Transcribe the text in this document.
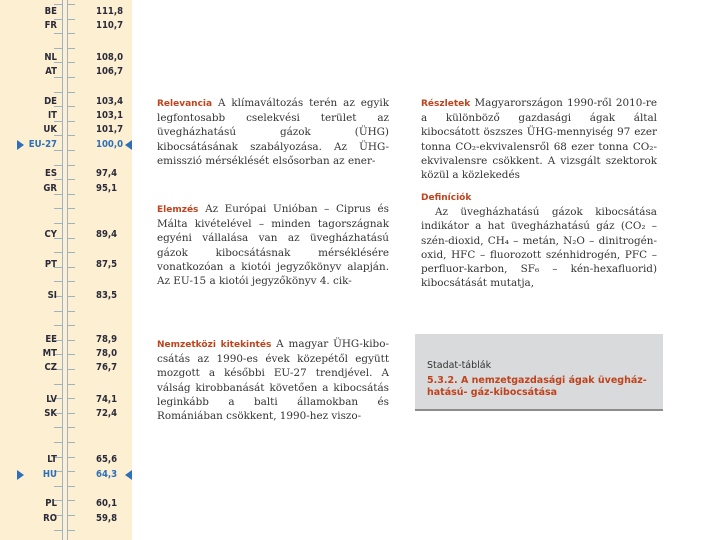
BE	111,8
FR	110,7
NL	108,0
AT	106,7
DE	103,4
IT	103,1
UK	101,7
EU-27	100,0
ES	97,4
GR	95,1
CY	89,4
PT	87,5
SI	83,5
EE	78,9
MT	78,0
CZ	76,7
LV	74,1
SK	72,4
LT	65,6
HU	64,3
PL	60,1
RO	59,8
Relevancia A klímaváltozás terén az egyik legfontosabb cselekvési terület az üvegházhatású gázok (ÜHG) kibocsátásának szabályozása. Az ÜHG-emisszió mérséklését elsősorban az ener-
Elemzés Az Európai Unióban – Ciprus és Málta kivételével – minden tagországnak egyéni vállalása van az üvegházhatású gázok kibocsátásnak mérséklésére vonatkozóan a kiotói jegyzőkönyv alapján. Az EU-15 a kiotói jegyzőkönyv 4. cik-
Nemzetközi kitekintés A magyar ÜHG-kibocsátás az 1990-es évek közepétől együtt mozgott a későbbi EU-27 trendjével. A válság kirobbanását követően a kibocsátás leginkább a balti államokban és Romániában csökkent, 1990-hez viszo-
Részletek Magyarországon 1990-ről 2010-re a különböző gazdasági ágak által kibocsátott öszszes ÜHG-mennyiség 97 ezer tonna CO₂-ekvivalensről 68 ezer tonna CO₂-ekvivalensre csökkent. A vizsgált szektorok közül a közlekedés
Definíciók
Az üvegházhatású gázok kibocsátása indikátor a hat üvegházhatású gáz (CO₂ – szén-dioxid, CH₄ – metán, N₂O – dinitrogén-oxid, HFC – fluorozott szénhidrogén, PFC – perfluor-karbon, SF₆ – kén-hexafluorid) kibocsátását mutatja,
Stadat-táblák
5.3.2. A nemzetgazdasági ágak üvegházhatású- gáz-kibocsátása
